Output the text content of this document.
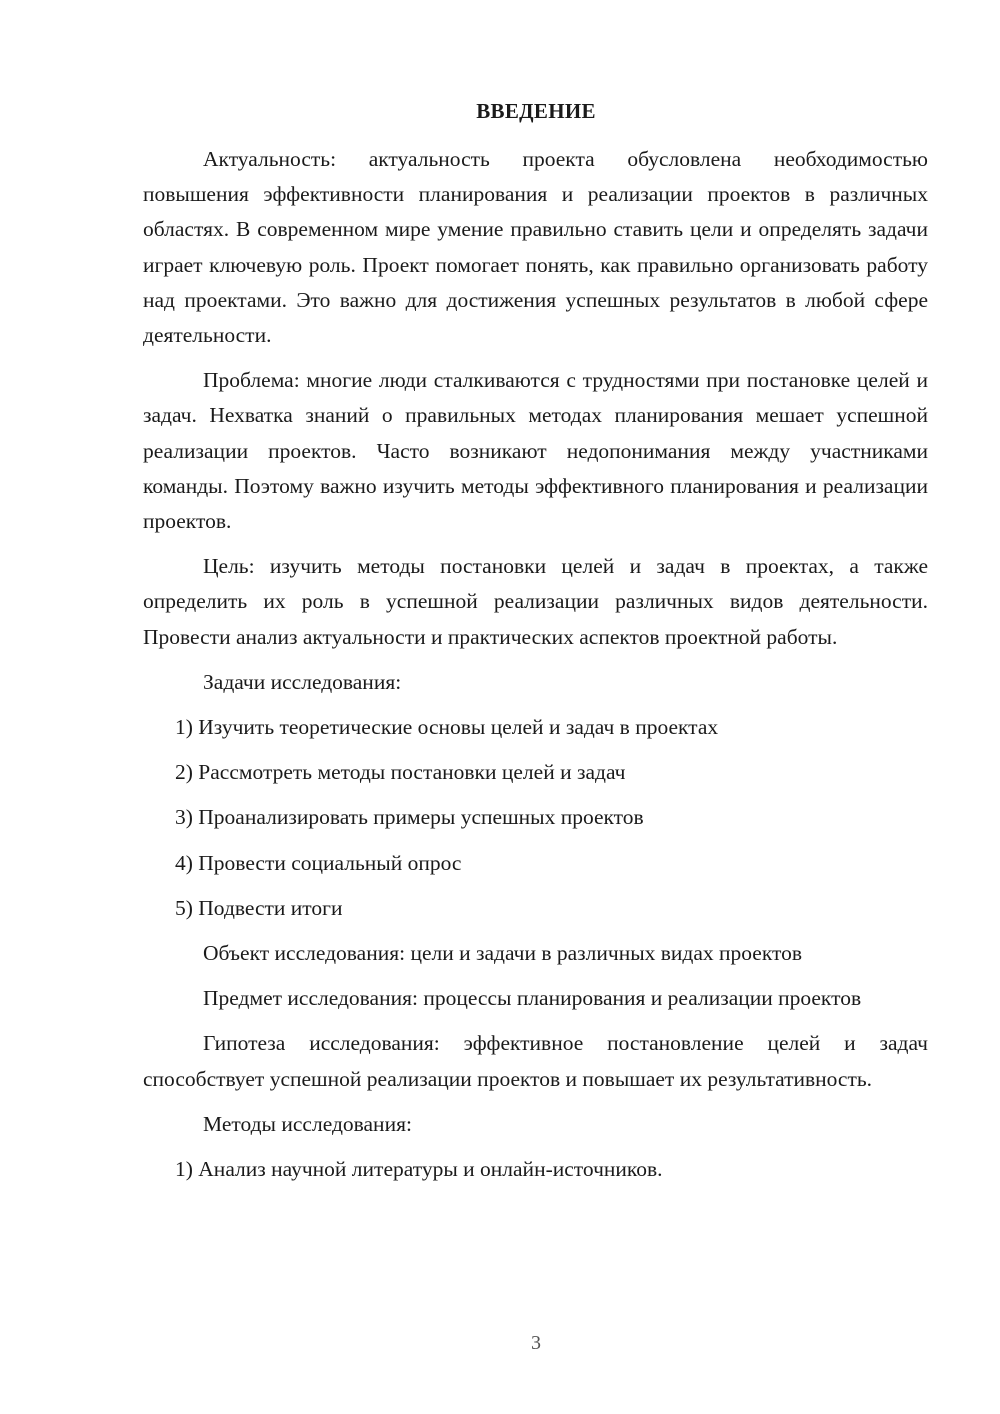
ВВЕДЕНИЕ

Актуальность: актуальность проекта обусловлена необходимостью повышения эффективности планирования и реализации проектов в различных областях. В современном мире умение правильно ставить цели и определять задачи играет ключевую роль. Проект помогает понять, как правильно организовать работу над проектами. Это важно для достижения успешных результатов в любой сфере деятельности.

Проблема: многие люди сталкиваются с трудностями при постановке целей и задач. Нехватка знаний о правильных методах планирования мешает успешной реализации проектов. Часто возникают недопонимания между участниками команды. Поэтому важно изучить методы эффективного планирования и реализации проектов.

Цель: изучить методы постановки целей и задач в проектах, а также определить их роль в успешной реализации различных видов деятельности. Провести анализ актуальности и практических аспектов проектной работы.

Задачи исследования:

1) Изучить теоретические основы целей и задач в проектах

2) Рассмотреть методы постановки целей и задач

3) Проанализировать примеры успешных проектов

4) Провести социальный опрос

5) Подвести итоги

Объект исследования: цели и задачи в различных видах проектов

Предмет исследования: процессы планирования и реализации проектов

Гипотеза исследования: эффективное постановление целей и задач способствует успешной реализации проектов и повышает их результативность.

Методы исследования:

1) Анализ научной литературы и онлайн-источников.

3
